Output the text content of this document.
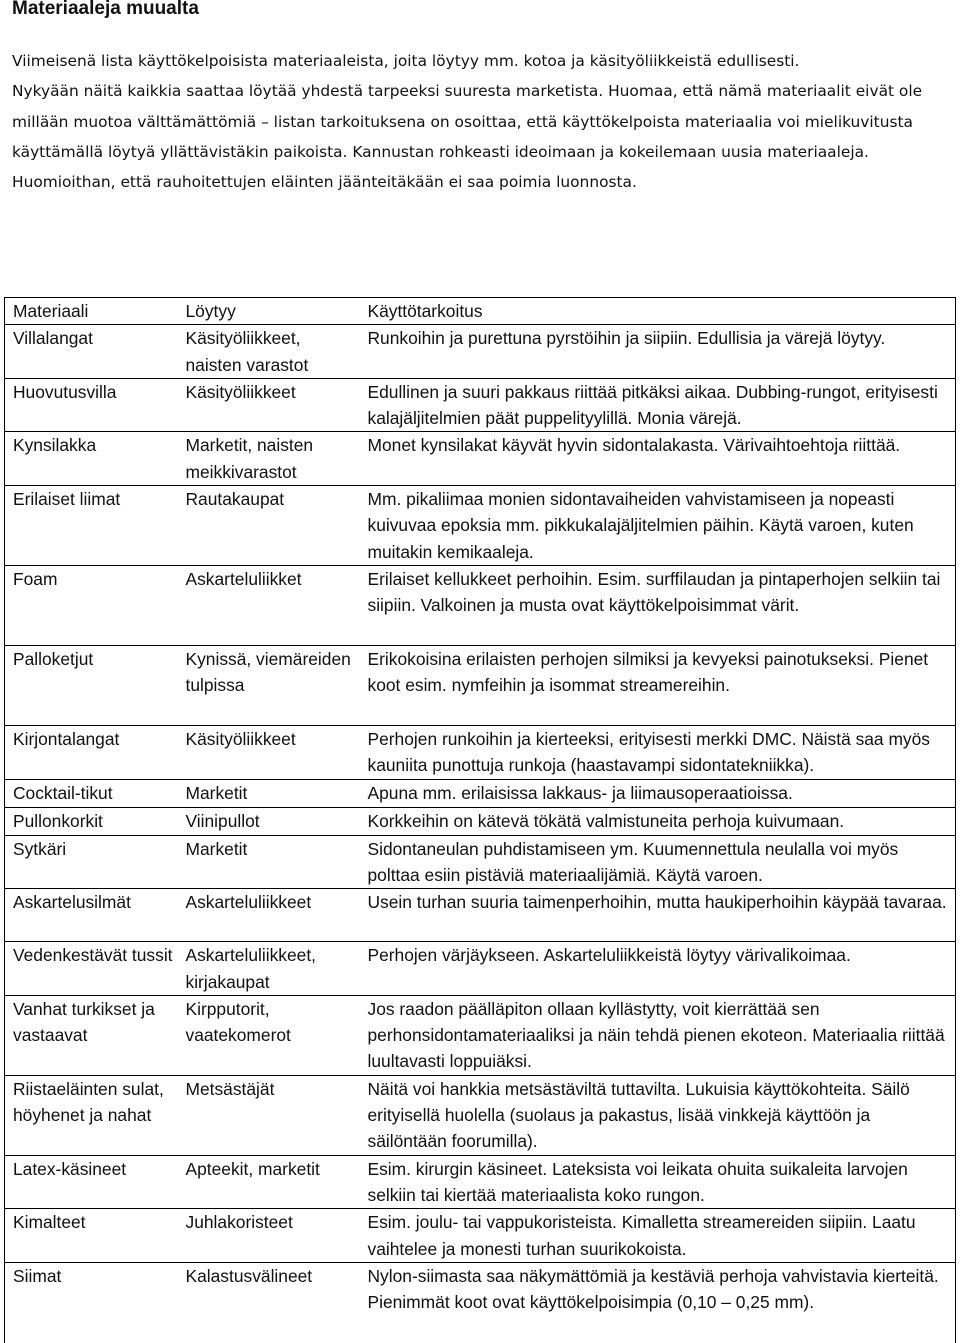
Materiaaleja muualta

Viimeisenä lista käyttökelpoisista materiaaleista, joita löytyy mm. kotoa ja käsityöliikkeistä edullisesti.

Nykyään näitä kaikkia saattaa löytää yhdestä tarpeeksi suuresta marketista. Huomaa, että nämä materiaalit eivät ole millään muotoa välttämättömiä – listan tarkoituksena on osoittaa, että käyttökelpoista materiaalia voi mielikuvitusta käyttämällä löytyä yllättävistäkin paikoista. Kannustan rohkeasti ideoimaan ja kokeilemaan uusia materiaaleja. Huomioithan, että rauhoitettujen eläinten jäänteitäkään ei saa poimia luonnosta.

Materiaali	Löytyy	Käyttötarkoitus
Villalangat	Käsityöliikkeet, naisten varastot	Runkoihin ja purettuna pyrstöihin ja siipiin. Edullisia ja värejä löytyy.
Huovutusvilla	Käsityöliikkeet	Edullinen ja suuri pakkaus riittää pitkäksi aikaa. Dubbing-rungot, erityisesti kalajäljitelmien päät puppelityylillä. Monia värejä.
Kynsilakka	Marketit, naisten meikkivarastot	Monet kynsilakat käyvät hyvin sidontalakasta. Värivaihtoehtoja riittää.
Erilaiset liimat	Rautakaupat	Mm. pikaliimaa monien sidontavaiheiden vahvistamiseen ja nopeasti kuivuvaa epoksia mm. pikkukalajäljitelmien päihin. Käytä varoen, kuten muitakin kemikaaleja.
Foam	Askarteluliikket	Erilaiset kellukkeet perhoihin. Esim. surffilaudan ja pintaperhojen selkiin tai siipiin. Valkoinen ja musta ovat käyttökelpoisimmat värit.
Palloketjut	Kynissä, viemäreiden tulpissa	Erikokoisina erilaisten perhojen silmiksi ja kevyeksi painotukseksi. Pienet koot esim. nymfeihin ja isommat streamereihin.
Kirjontalangat	Käsityöliikkeet	Perhojen runkoihin ja kierteeksi, erityisesti merkki DMC. Näistä saa myös kauniita punottuja runkoja (haastavampi sidontatekniikka).
Cocktail-tikut	Marketit	Apuna mm. erilaisissa lakkaus- ja liimausoperaatioissa.
Pullonkorkit	Viinipullot	Korkkeihin on kätevä tökätä valmistuneita perhoja kuivumaan.
Sytkäri	Marketit	Sidontaneulan puhdistamiseen ym. Kuumennettula neulalla voi myös polttaa esiin pistäviä materiaalijämiä. Käytä varoen.
Askartelusilmät	Askarteluliikkeet	Usein turhan suuria taimenperhoihin, mutta haukiperhoihin käypää tavaraa.
Vedenkestävät tussit	Askarteluliikkeet, kirjakaupat	Perhojen värjäykseen. Askarteluliikkeistä löytyy värivalikoimaa.
Vanhat turkikset ja vastaavat	Kirpputorit, vaatekomerot	Jos raadon päälläpiton ollaan kyllästytty, voit kierrättää sen perhonsidontamateriaaliksi ja näin tehdä pienen ekoteon. Materiaalia riittää luultavasti loppuiäksi.
Riistaeläinten sulat, höyhenet ja nahat	Metsästäjät	Näitä voi hankkia metsästäviltä tuttavilta. Lukuisia käyttökohteita. Säilö erityisellä huolella (suolaus ja pakastus, lisää vinkkejä käyttöön ja säilöntään foorumilla).
Latex-käsineet	Apteekit, marketit	Esim. kirurgin käsineet. Lateksista voi leikata ohuita suikaleita larvojen selkiin tai kiertää materiaalista koko rungon.
Kimalteet	Juhlakoristeet	Esim. joulu- tai vappukoristeista. Kimalletta streamereiden siipiin. Laatu vaihtelee ja monesti turhan suurikokoista.
Siimat	Kalastusvälineet	Nylon-siimasta saa näkymättömiä ja kestäviä perhoja vahvistavia kierteitä. Pienimmät koot ovat käyttökelpoisimpia (0,10 – 0,25 mm).
